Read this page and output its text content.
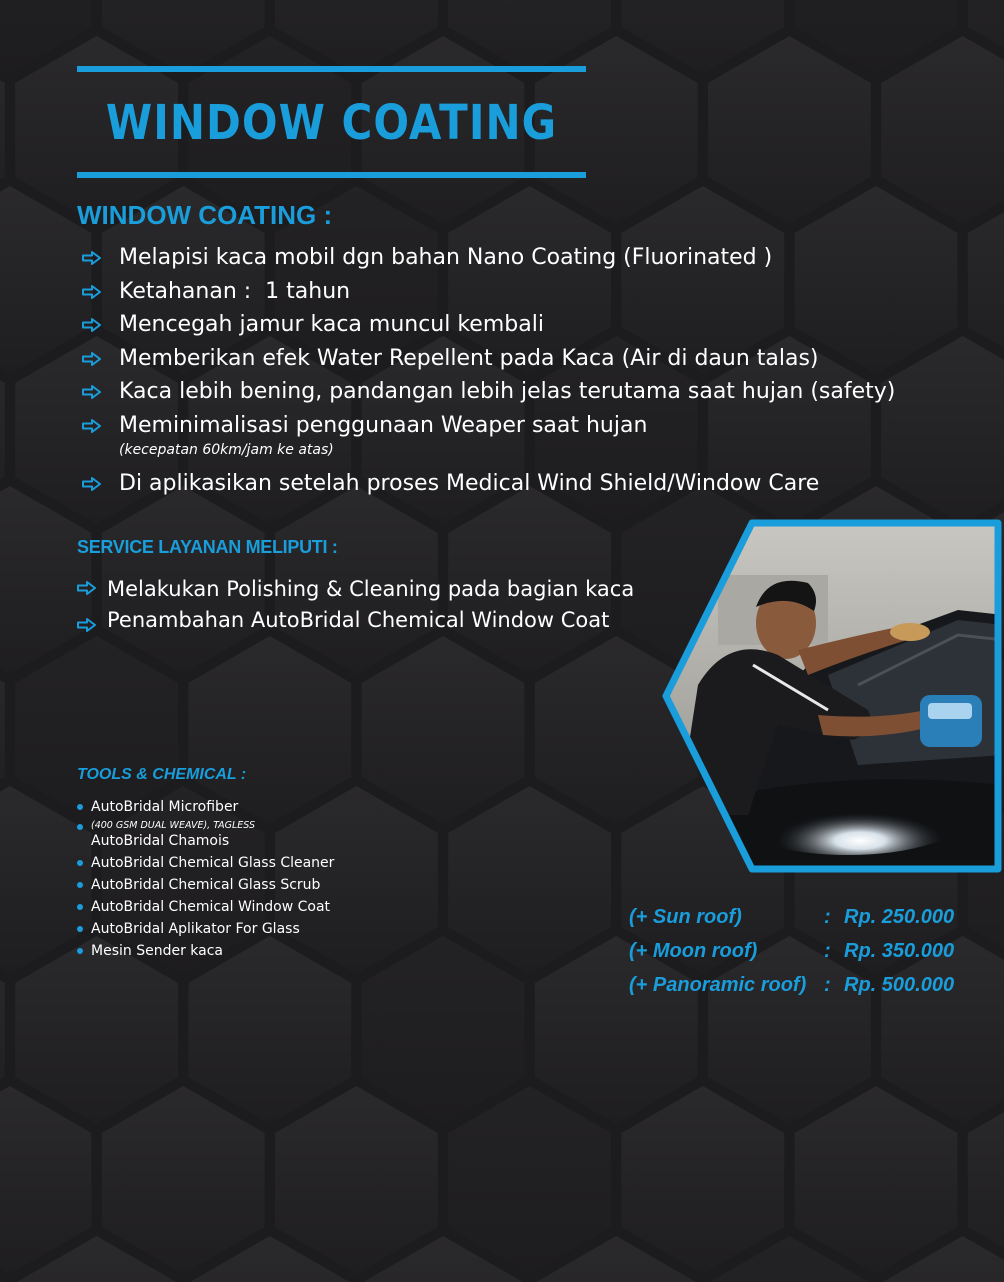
WINDOW COATING
WINDOW COATING :
Melapisi kaca mobil dgn bahan Nano Coating (Fluorinated )
Ketahanan :  1 tahun
Mencegah jamur kaca muncul kembali
Memberikan efek Water Repellent pada Kaca (Air di daun talas)
Kaca lebih bening, pandangan lebih jelas terutama saat hujan (safety)
Meminimalisasi penggunaan Weaper saat hujan
(kecepatan 60km/jam ke atas)
Di aplikasikan setelah proses Medical Wind Shield/Window Care
SERVICE LAYANAN MELIPUTI :
Melakukan Polishing & Cleaning pada bagian kaca
Penambahan AutoBridal Chemical Window Coat
TOOLS & CHEMICAL :
AutoBridal Microfiber
(400 GSM DUAL WEAVE), TAGLESS
AutoBridal Chamois
AutoBridal Chemical Glass Cleaner
AutoBridal Chemical Glass Scrub
AutoBridal Chemical Window Coat
AutoBridal Aplikator For Glass
Mesin Sender kaca
(+ Sun roof)	: Rp. 250.000
(+ Moon roof)	: Rp. 350.000
(+ Panoramic roof) : Rp. 500.000
